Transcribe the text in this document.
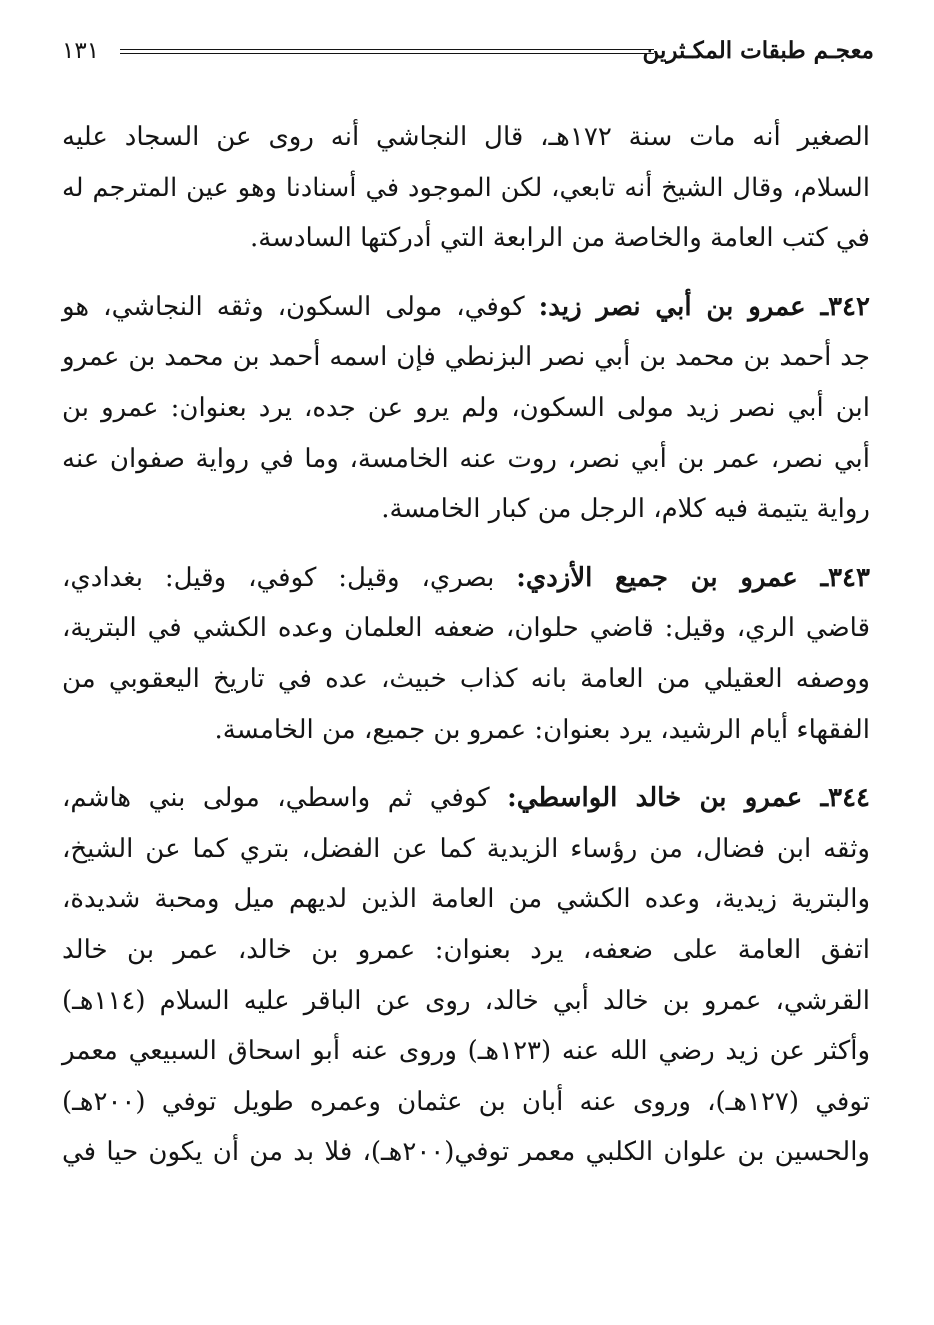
معجـم طبقات المكـثرين
١٣١
الصغير أنه مات سنة ١٧٢هـ، قال النجاشي أنه روى عن السجاد عليه
السلام، وقال الشيخ أنه تابعي، لكن الموجود في أسنادنا وهو عين المترجم له
في كتب العامة والخاصة من الرابعة التي أدركتها السادسة.
٣٤٢ـ عمرو بن أبي نصر زيد: كوفي، مولى السكون، وثقه النجاشي، هو
جد أحمد بن محمد بن أبي نصر البزنطي فإن اسمه أحمد بن محمد بن عمرو
ابن أبي نصر زيد مولى السكون، ولم يرو عن جده، يرد بعنوان: عمرو بن
أبي نصر، عمر بن أبي نصر، روت عنه الخامسة، وما في رواية صفوان عنه
رواية يتيمة فيه كلام، الرجل من كبار الخامسة.
٣٤٣ـ عمرو بن جميع الأزدي: بصري، وقيل: كوفي، وقيل: بغدادي،
قاضي الري، وقيل: قاضي حلوان، ضعفه العلمان وعده الكشي في البترية،
ووصفه العقيلي من العامة بانه كذاب خبيث، عده في تاريخ اليعقوبي من
الفقهاء أيام الرشيد، يرد بعنوان: عمرو بن جميع، من الخامسة.
٣٤٤ـ عمرو بن خالد الواسطي: كوفي ثم واسطي، مولى بني هاشم،
وثقه ابن فضال، من رؤساء الزيدية كما عن الفضل، بتري كما عن الشيخ،
والبترية زيدية، وعده الكشي من العامة الذين لديهم ميل ومحبة شديدة،
اتفق العامة على ضعفه، يرد بعنوان: عمرو بن خالد، عمر بن خالد
القرشي، عمرو بن خالد أبي خالد، روى عن الباقر عليه السلام (١١٤هـ)
وأكثر عن زيد رضي الله عنه (١٢٣هـ) وروى عنه أبو اسحاق السبيعي معمر
توفي (١٢٧هـ)، وروى عنه أبان بن عثمان وعمره طويل توفي (٢٠٠هـ)
والحسين بن علوان الكلبي معمر توفي(٢٠٠هـ)، فلا بد من أن يكون حيا في
